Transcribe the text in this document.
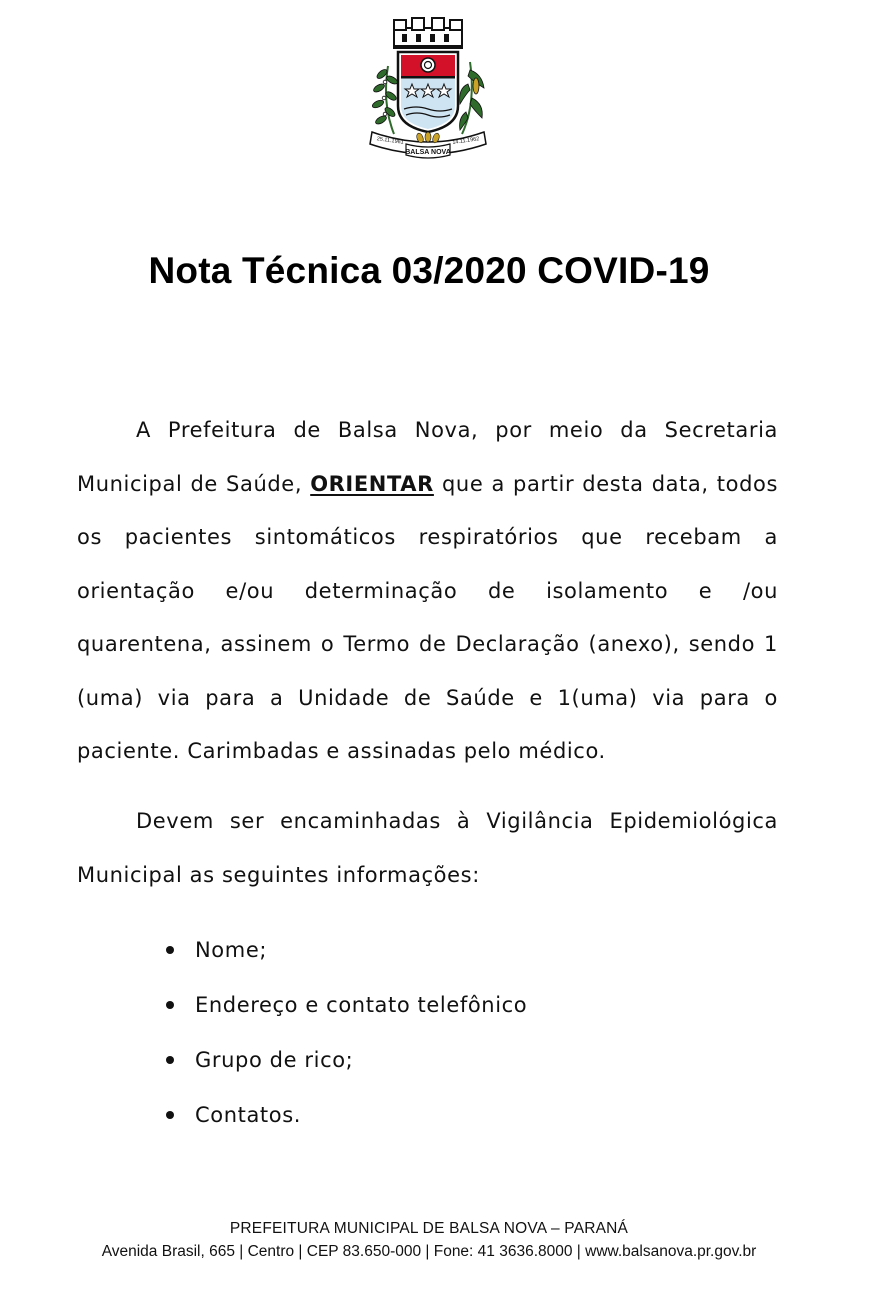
BALSA NOVA
25.11.1961	14.11.1962
Nota Técnica 03/2020 COVID-19

A Prefeitura de Balsa Nova, por meio da Secretaria Municipal de Saúde, ORIENTAR que a partir desta data, todos os pacientes sintomáticos respiratórios que recebam a orientação e/ou determinação de isolamento e /ou quarentena, assinem o Termo de Declaração (anexo), sendo 1 (uma) via para a Unidade de Saúde e 1(uma) via para o paciente. Carimbadas e assinadas pelo médico.

Devem ser encaminhadas à Vigilância Epidemiológica Municipal as seguintes informações:

Nome;
Endereço e contato telefônico
Grupo de rico;
Contatos.

PREFEITURA MUNICIPAL DE BALSA NOVA – PARANÁ

Avenida Brasil, 665 | Centro | CEP 83.650-000 | Fone: 41 3636.8000 | www.balsanova.pr.gov.br
